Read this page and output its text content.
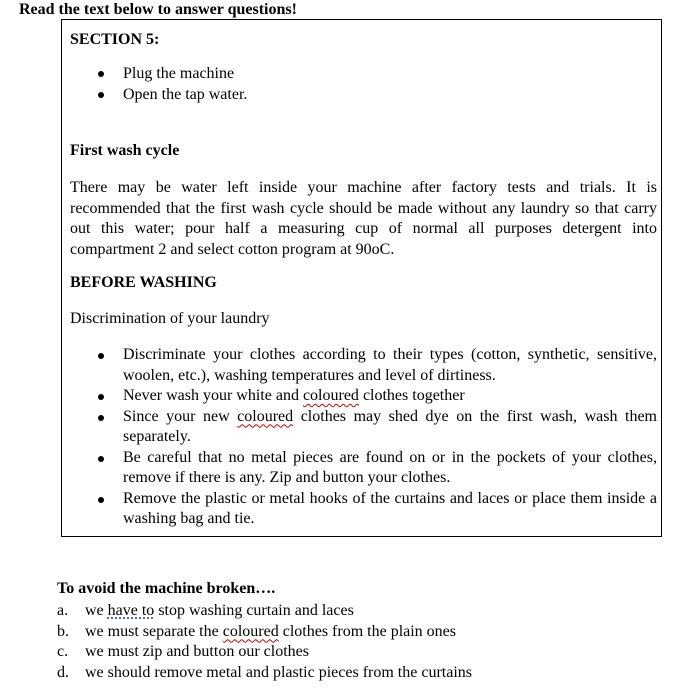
Read the text below to answer questions!
SECTION 5:
Plug the machine
Open the tap water.
First wash cycle
There may be water left inside your machine after factory tests and trials. It is recommended that the first wash cycle should be made without any laundry so that carry out this water; pour half a measuring cup of normal all purposes detergent into compartment 2 and select cotton program at 90oC.
BEFORE WASHING
Discrimination of your laundry
Discriminate your clothes according to their types (cotton, synthetic, sensitive, woolen, etc.), washing temperatures and level of dirtiness.
Never wash your white and coloured clothes together
Since your new coloured clothes may shed dye on the first wash, wash them separately.
Be careful that no metal pieces are found on or in the pockets of your clothes, remove if there is any. Zip and button your clothes.
Remove the plastic or metal hooks of the curtains and laces or place them inside a washing bag and tie.
To avoid the machine broken….
a. we have to stop washing curtain and laces
b. we must separate the coloured clothes from the plain ones
c. we must zip and button our clothes
d. we should remove metal and plastic pieces from the curtains
